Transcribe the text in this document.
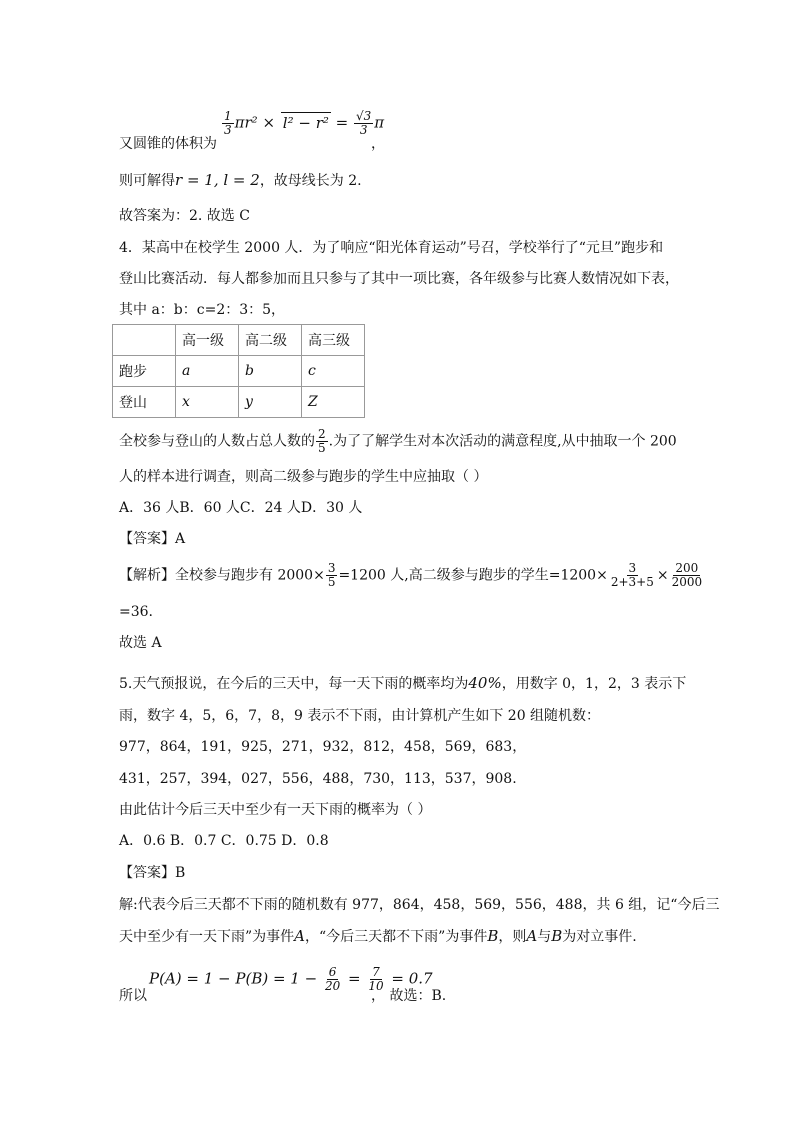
又圆锥的体积为
$\frac{1}{3} \pi r^2 \times l^2 - r^2 = \frac{√3}{3}$ π
，
则可解得r = 1, l = 2，故母线长为 2.
故答案为：2. 故选 C
4．某高中在校学生 2000 人．为了响应“阳光体育运动”号召，学校举行了“元旦”跑步和
登山比赛活动．每人都参加而且只参与了其中一项比赛，各年级参与比赛人数情况如下表，
其中 a：b：c=2：3：5，
	高一级	高二级	高三级
跑步	a	b	c
登山	x	y	Z
全校参与登山的人数占总人数的 $\frac{2}{5}$ .为了了解学生对本次活动的满意程度,从中抽取一个 200
人的样本进行调查，则高二级参与跑步的学生中应抽取（ ）
A．36 人B．60 人C．24 人D．30 人
【答案】A
【解析】全校参与跑步有 $2000\times \frac{3}{5} =1200$ 人,高二级参与跑步的学生$=1200\times \frac{3}{2+3+5} \times \frac{200}{2000}$
=36.
故选 A
5.天气预报说，在今后的三天中，每一天下雨的概率均为40%，用数字 0，1，2，3 表示下
雨，数字 4，5，6，7，8，9 表示不下雨，由计算机产生如下 20 组随机数：
977，864，191，925，271，932，812，458，569，683，
431，257，394，027，556，488，730，113，537，908.
由此估计今后三天中至少有一天下雨的概率为（ ）
A．0.6 B．0.7 C．0.75 D．0.8
【答案】B
解:代表今后三天都不下雨的随机数有 977，864，458，569，556，488，共 6 组，记“今后三
天中至少有一天下雨”为事件A，“今后三天都不下雨”为事件B，则A与B为对立事件.
所以
$P(A) = 1 - P(B) = 1 - \frac{6}{20} = \frac{7}{10} = 0.7$
， 故选：B.
